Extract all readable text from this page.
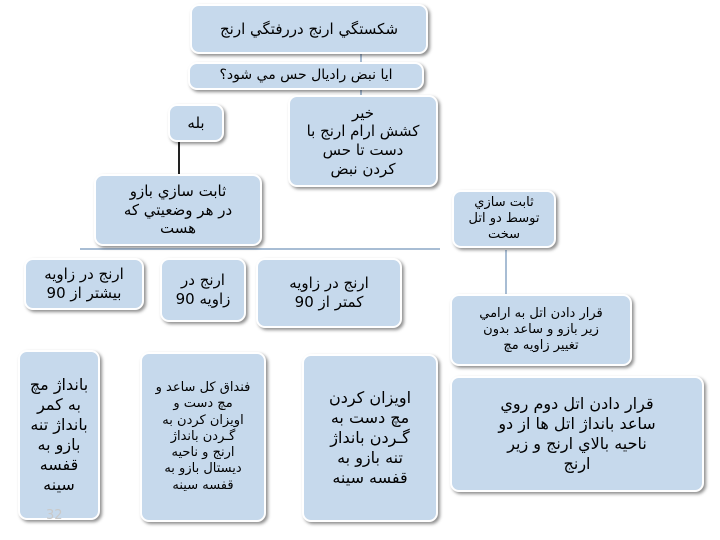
شكستگي ارنج دررفتگي ارنج
ايا نبض راديال حس مي شود؟
بله
خير
كشش ارام ارنج با
دست تا حس
كردن نبض
ثابت سازي بازو
در هر وضعيتي كه
هست
ثابت سازي
توسط دو اتل
سخت
ارنج در زاويه
بيشتر از 90
ارنج در
زاويه 90
ارنج در زاويه
كمتر از 90
قرار دادن اتل به ارامي
زير بازو و ساعد بدون
تغيير زاويه مچ
بانداژ مچ
به كمر
بانداژ تنه
بازو به
قفسه
سينه
فنداق كل ساعد و
مچ دست و
اويزان كردن به
گـردن بانداژ
ارنج و ناحيه
ديستال بازو به
قفسه سينه
اويزان كردن
مچ دست به
گـردن بانداژ
تنه بازو به
قفسه سينه
قرار دادن اتل دوم روي
ساعد بانداژ اتل ها از دو
ناحيه بالاي ارنج و زير
ارنج
32
